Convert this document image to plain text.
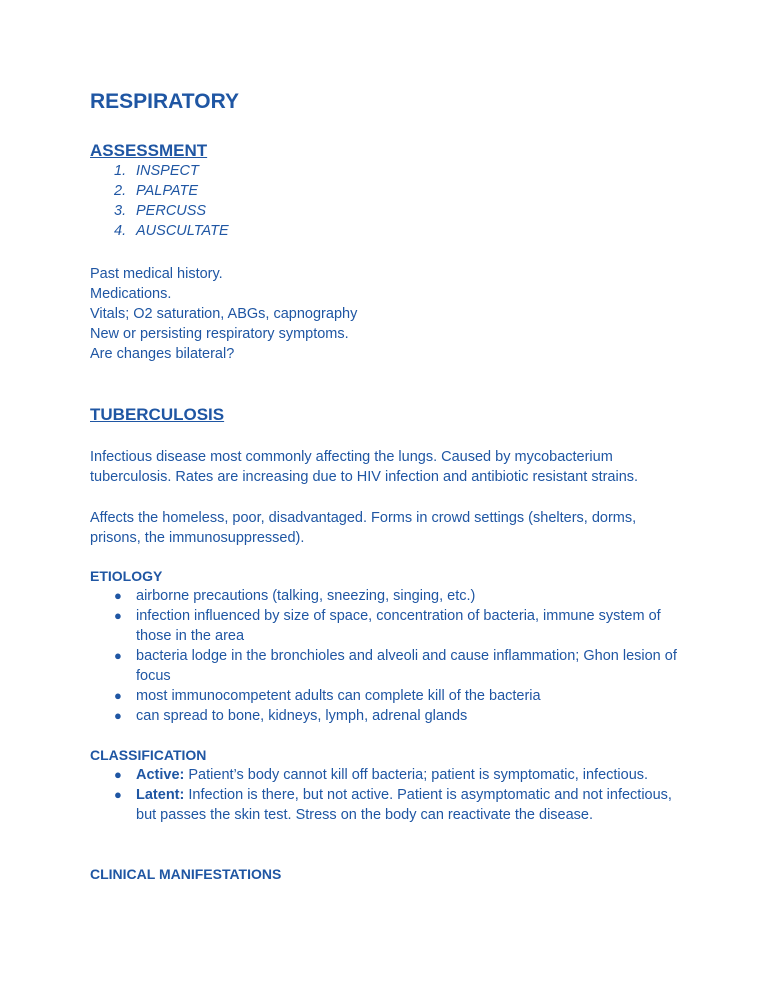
RESPIRATORY
ASSESSMENT
1. INSPECT
2. PALPATE
3. PERCUSS
4. AUSCULTATE
Past medical history.
Medications.
Vitals; O2 saturation, ABGs, capnography
New or persisting respiratory symptoms.
Are changes bilateral?
TUBERCULOSIS
Infectious disease most commonly affecting the lungs. Caused by mycobacterium tuberculosis. Rates are increasing due to HIV infection and antibiotic resistant strains.
Affects the homeless, poor, disadvantaged. Forms in crowd settings (shelters, dorms, prisons, the immunosuppressed).
ETIOLOGY
● airborne precautions (talking, sneezing, singing, etc.)
● infection influenced by size of space, concentration of bacteria, immune system of those in the area
● bacteria lodge in the bronchioles and alveoli and cause inflammation; Ghon lesion of focus
● most immunocompetent adults can complete kill of the bacteria
● can spread to bone, kidneys, lymph, adrenal glands
CLASSIFICATION
● Active: Patient’s body cannot kill off bacteria; patient is symptomatic, infectious.
● Latent: Infection is there, but not active. Patient is asymptomatic and not infectious, but passes the skin test. Stress on the body can reactivate the disease.
CLINICAL MANIFESTATIONS
